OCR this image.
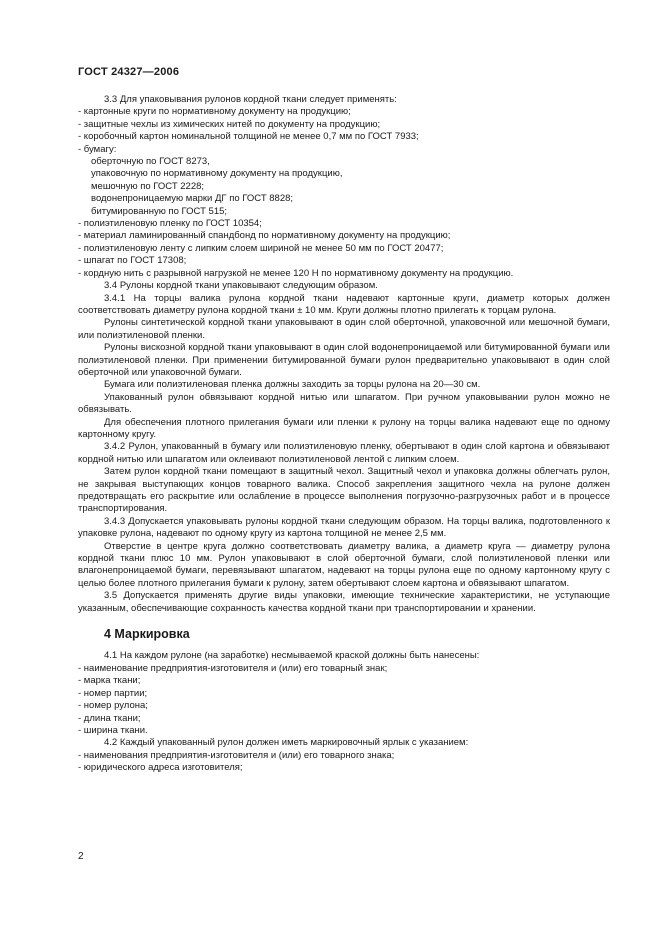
ГОСТ 24327—2006

3.3 Для упаковывания рулонов кордной ткани следует применять:

- картонные круги по нормативному документу на продукцию;

- защитные чехлы из химических нитей по документу на продукцию;

- коробочный картон номинальной толщиной не менее 0,7 мм по ГОСТ 7933;

- бумагу:

оберточную по ГОСТ 8273,

упаковочную по нормативному документу на продукцию,

мешочную по ГОСТ 2228;

водонепроницаемую марки ДГ по ГОСТ 8828;

битумированную по ГОСТ 515;

- полиэтиленовую пленку по ГОСТ 10354;

- материал ламинированный спандбонд по нормативному документу на продукцию;

- полиэтиленовую ленту с липким слоем шириной не менее 50 мм по ГОСТ 20477;

- шпагат по ГОСТ 17308;

- кордную нить с разрывной нагрузкой не менее 120 Н по нормативному документу на продукцию.

3.4 Рулоны кордной ткани упаковывают следующим образом.

3.4.1 На торцы валика рулона кордной ткани надевают картонные круги, диаметр которых должен соответствовать диаметру рулона кордной ткани ± 10 мм. Круги должны плотно прилегать к торцам рулона.

Рулоны синтетической кордной ткани упаковывают в один слой оберточной, упаковочной или мешочной бумаги, или полиэтиленовой пленки.

Рулоны вискозной кордной ткани упаковывают в один слой водонепроницаемой или битумированной бумаги или полиэтиленовой пленки. При применении битумированной бумаги рулон предварительно упаковывают в один слой оберточной или упаковочной бумаги.

Бумага или полиэтиленовая пленка должны заходить за торцы рулона на 20—30 см.

Упакованный рулон обвязывают кордной нитью или шпагатом. При ручном упаковывании рулон можно не обвязывать.

Для обеспечения плотного прилегания бумаги или пленки к рулону на торцы валика надевают еще по одному картонному кругу.

3.4.2 Рулон, упакованный в бумагу или полиэтиленовую пленку, обертывают в один слой картона и обвязывают кордной нитью или шпагатом или оклеивают полиэтиленовой лентой с липким слоем.

Затем рулон кордной ткани помещают в защитный чехол. Защитный чехол и упаковка должны облегчать рулон, не закрывая выступающих концов товарного валика. Способ закрепления защитного чехла на рулоне должен предотвращать его раскрытие или ослабление в процессе выполнения погрузочно-разгрузочных работ и в процессе транспортирования.

3.4.3 Допускается упаковывать рулоны кордной ткани следующим образом. На торцы валика, подготовленного к упаковке рулона, надевают по одному кругу из картона толщиной не менее 2,5 мм.

Отверстие в центре круга должно соответствовать диаметру валика, а диаметр круга — диаметру рулона кордной ткани плюс 10 мм. Рулон упаковывают в слой оберточной бумаги, слой полиэтиленовой пленки или влагонепроницаемой бумаги, перевязывают шпагатом, надевают на торцы рулона еще по одному картонному кругу с целью более плотного прилегания бумаги к рулону, затем обертывают слоем картона и обвязывают шпагатом.

3.5 Допускается применять другие виды упаковки, имеющие технические характеристики, не уступающие указанным, обеспечивающие сохранность качества кордной ткани при транспортировании и хранении.

4 Маркировка

4.1 На каждом рулоне (на заработке) несмываемой краской должны быть нанесены:

- наименование предприятия-изготовителя и (или) его товарный знак;

- марка ткани;

- номер партии;

- номер рулона;

- длина ткани;

- ширина ткани.

4.2 Каждый упакованный рулон должен иметь маркировочный ярлык с указанием:

- наименования предприятия-изготовителя и (или) его товарного знака;

- юридического адреса изготовителя;

2
